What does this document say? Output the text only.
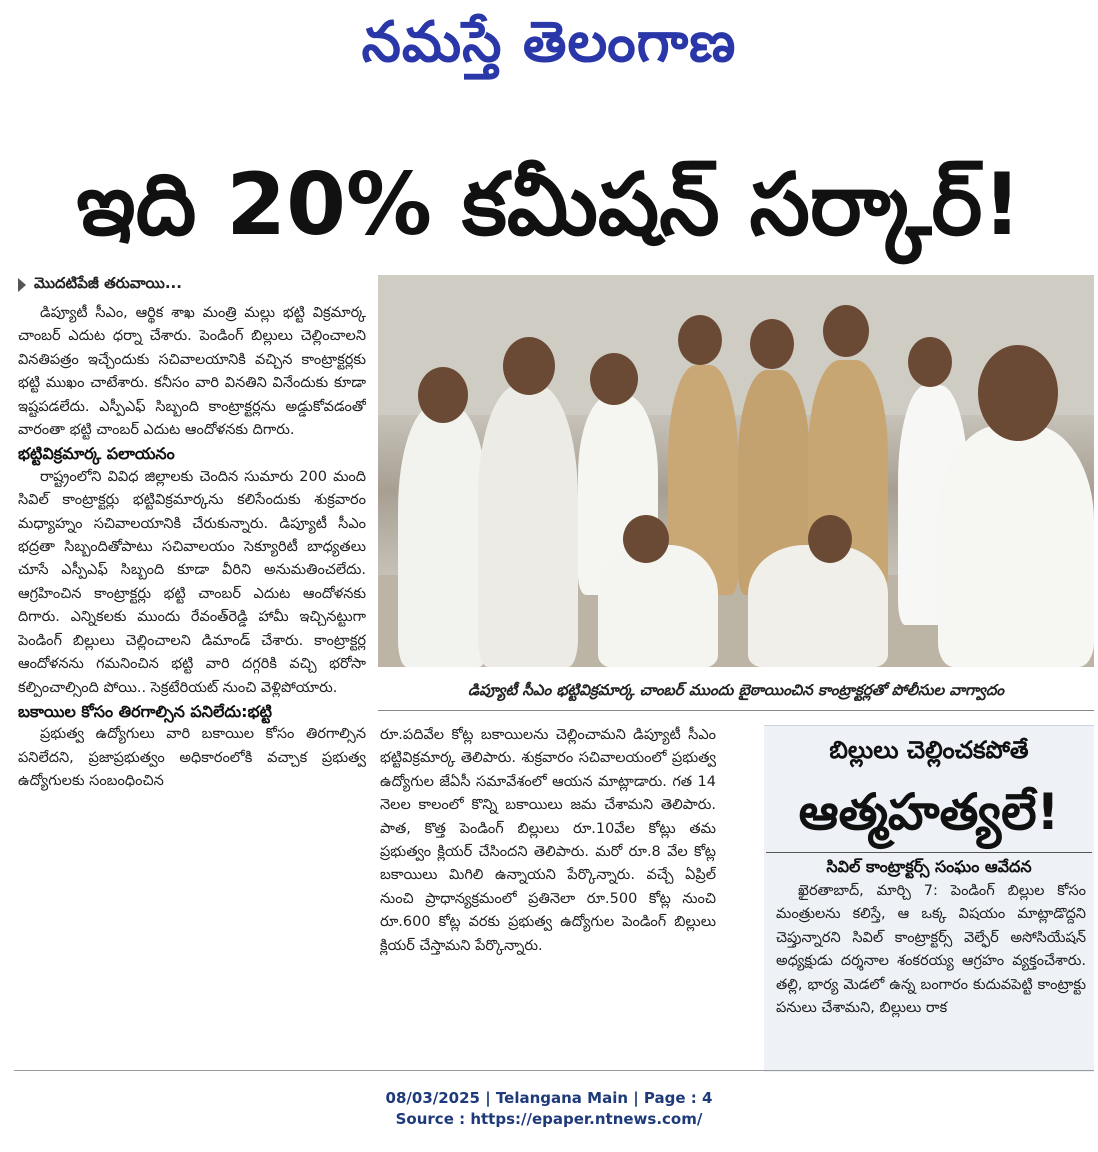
నమస్తే తెలంగాణ
ఇది 20% కమీషన్ సర్కార్!
మొదటిపేజీ తరువాయి...

డిప్యూటీ సీఎం, ఆర్థిక శాఖ మంత్రి మల్లు భట్టి విక్రమార్క చాంబర్ ఎదుట ధర్నా చేశారు. పెండింగ్ బిల్లులు చెల్లించాలని వినతిపత్రం ఇచ్చేందుకు సచివాలయానికి వచ్చిన కాంట్రాక్టర్లకు భట్టి ముఖం చాటేశారు. కనీసం వారి వినతిని వినేందుకు కూడా ఇష్టపడలేదు. ఎస్పీఎఫ్ సిబ్బంది కాంట్రాక్టర్లను అడ్డుకోవడంతో వారంతా భట్టి చాంబర్ ఎదుట ఆందోళనకు దిగారు.

భట్టివిక్రమార్క పలాయనం

రాష్ట్రంలోని వివిధ జిల్లాలకు చెందిన సుమారు 200 మంది సివిల్ కాంట్రాక్టర్లు భట్టివిక్రమార్కను కలిసేందుకు శుక్రవారం మధ్యాహ్నం సచివాలయానికి చేరుకున్నారు. డిప్యూటీ సీఎం భద్రతా సిబ్బందితోపాటు సచివాలయం సెక్యూరిటీ బాధ్యతలు చూసే ఎస్పీఎఫ్ సిబ్బంది కూడా వీరిని అనుమతించలేదు. ఆగ్రహించిన కాంట్రాక్టర్లు భట్టి చాంబర్ ఎదుట ఆందోళనకు దిగారు. ఎన్నికలకు ముందు రేవంత్‌రెడ్డి హామీ ఇచ్చినట్టుగా పెండింగ్ బిల్లులు చెల్లించాలని డిమాండ్ చేశారు. కాంట్రాక్టర్ల ఆందోళనను గమనించిన భట్టి వారి దగ్గరికి వచ్చి భరోసా కల్పించాల్సింది పోయి.. సెక్రటేరియట్ నుంచి వెళ్లిపోయారు.

బకాయిల కోసం తిరగాల్సిన పనిలేదు:భట్టి

ప్రభుత్వ ఉద్యోగులు వారి బకాయిల కోసం తిరగాల్సిన పనిలేదని, ప్రజాప్రభుత్వం అధికారంలోకి వచ్చాక ప్రభుత్వ ఉద్యోగులకు సంబంధించిన

డిప్యూటీ సీఎం భట్టివిక్రమార్క చాంబర్ ముందు బైఠాయించిన కాంట్రాక్టర్లతో పోలీసుల వాగ్వాదం

రూ.పదివేల కోట్ల బకాయిలను చెల్లించామని డిప్యూటీ సీఎం భట్టివిక్రమార్క తెలిపారు. శుక్రవారం సచివాలయంలో ప్రభుత్వ ఉద్యోగుల జేఏసీ సమావేశంలో ఆయన మాట్లాడారు. గత 14 నెలల కాలంలో కొన్ని బకాయిలు జమ చేశామని తెలిపారు. పాత, కొత్త పెండింగ్ బిల్లులు రూ.10వేల కోట్లు తమ ప్రభుత్వం క్లియర్ చేసిందని తెలిపారు. మరో రూ.8 వేల కోట్ల బకాయిలు మిగిలి ఉన్నాయని పేర్కొన్నారు. వచ్చే ఏప్రిల్ నుంచి ప్రాధాన్యక్రమంలో ప్రతినెలా రూ.500 కోట్ల నుంచి రూ.600 కోట్ల వరకు ప్రభుత్వ ఉద్యోగుల పెండింగ్ బిల్లులు క్లియర్ చేస్తామని పేర్కొన్నారు.

బిల్లులు చెల్లించకపోతే
ఆత్మహత్యలే!
సివిల్ కాంట్రాక్టర్స్ సంఘం ఆవేదన

ఖైరతాబాద్, మార్చి 7: పెండింగ్ బిల్లుల కోసం మంత్రులను కలిస్తే, ఆ ఒక్క విషయం మాట్లాడొద్దని చెప్తున్నారని సివిల్ కాంట్రాక్టర్స్ వెల్ఫేర్ అసోసియేషన్ అధ్యక్షుడు దర్శనాల శంకరయ్య ఆగ్రహం వ్యక్తంచేశారు. తల్లి, భార్య మెడలో ఉన్న బంగారం కుదువపెట్టి కాంట్రాక్టు పనులు చేశామని, బిల్లులు రాక

08/03/2025 | Telangana Main | Page : 4
Source : https://epaper.ntnews.com/
